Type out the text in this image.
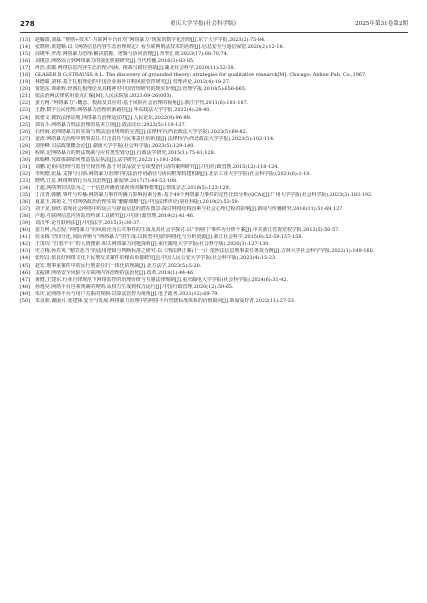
278	重庆大学学报(社会科学版)	2025年第31卷第2期
[13] 赵毓波,刘磊.“规则+技术”:互联网平台针对“网络暴力”现象的数字化治理[J].东宁大学学报,2023(2):75-84.
[14] 张晓婷,黄建顺.以《网络信息内容生态治理规定》看互联网刑法技术的治理[J].信息安全与通信保密,2020(2):12-18.
[15] 周瑾华,罗涛.网络暴力治理:解决措施、逻辑与协同治理[J].青季汇谈,2023(17):68-70,74.
[16] 刘瑾思.网络谣言到网络暴力的演化机制研究[J].当代传播,2016(3):83-85.
[17] 冉浩,张敏.网络信息内容生态治理:内涵、挑战与路径创新[J].湖北社会科学,2020(11):32-38.
[18] GLASER B G,STRAUSS A L. The discovery of grounded theory: strategies for qualitative research[M]. Chicago: Aldine Pub. Co.,1967.
[19] 林德甜,刘林.基于扎根理论的中国企业海外并购风险管控研究[J].管理评论,2012(4):18-27.
[20] 贾旭东,谭新辉.经典扎根理论及其精神对中国管理研究的现实价值[J].管理学报,2010(5):656-665.
[21] 依法治网法律常用要点汇编[M].人民法院版,2023:09-26(003).
[22] 姜方柯.“网络暴力”:概念、根源及其应对:基于风险社会治理的视角[J].浙江学刊,2011(6):181-187.
[23] 王静.数字公民伦理:网络暴力治理的新路径[J].华东政法大学学报,2022(4):28-40.
[24] 陈蕾文.微软法律证明,网络暴力治理适宜的[J].人民论坛,2022(9):96-99.
[25] 郭旨斗.网络暴力刑法治理的基本立场[J].政法论坛,2023(5):119-127.
[26] 石经海.论网络暴力的实质与刑法适用规则的完善[J].法律科学(西北政法大学学报),2023(5):69-82.
[27] 姜涛.网络暴力治理中刑事责任,打击责任与民事责任的衔接[J].法律科学(西北政法大学学报),2023(5):102-114.
[28] 刘艳峰.司法政策概念论[J].湖南大学学报(社会科学版),2023(5):129-140.
[29] 程铭.论网络暴力的刑法规制与应对类型划分[J].行政法学研究,2015(1):75-81,128.
[30] 陈翰峰.党政体制如何塑造基层执法[J].法学研究,2022(1):191-208.
[31] 刘鹏.论协同治理与监管空间管理:基于对食品安全专项整治行动的案例研究[J].中国行政管理,2015(12):118-124.
[32] 李明德,张磊.支撑与引领:网络暴力治理中的法治作用路径与协同框架构建机制[J].北京工业大学学报(社会科学版),2021(6):1-10.
[33] 晓鸣,江星.网络舆情行为及其治理[J].新闻界,2017(7):44-53,108.
[34] 王超.网络刑罚以惩为之一个信息传播效果视角的解释框架[J].情报杂志,2019(5):123-129.
[35] 丁汉青,韩鹏.事件与传播:网络暴力事件传播力影响因素分析:基于49个网络暴力事件的定性比较分析(QCA)[J].广州大学学报(社会科学版),2023(3):183-192.
[36] 夏嘉玉,郭苑文.当对网络政治治理实质“删除策略”[J].中国法律评论(第社科版),2019(2):53-59.
[37] 刘子龙,徐欣.表现社会网络中的谣言与辟谣信息的潜在图景:探讨网络结构因素与社会心理过程的影响[J].新闻与传播研究,2016(11):51-69,127.
[38] 卢超.互联网信息内容监管约谈工具研究[J].中国行政管理,2019(2):41-46.
[39] 刘汉华.论互联网法[J].中国法学,2015(3):30-37.
[40] 姜方柯,冯志倪.“网络暴力”的风险论为公共事件的生成及其社会学探讨:以“李刚门”事件为分析个案[J].中共浙江省委党校学报,2012(5):50-57.
[41] 侯永梅.空间分化,风险养殖与“网络暴力”的生成:以转型中国的网络化与分析资源[J].浙江社会科学,2015(8):52-59,157-158.
[42] 王茂均.“打怒不平”的人肉搜索:相关网络暴力问题探析[J].重庆邮电大学学报(社会科学版),2020(3):127-130.
[43] 史立梅,孙若英.“精罚恶当”的适用逻辑与判断标准之研究:以《刑法修正案(十一)》依照法信息刑事责任条款为例[J].吉林大学社会科学学报,2022(1):149-160.
[44] 张绍昌.依良好网络文化下民刑交叉案件的缘由衔接研究[J].中国人民公安大学学报(社会科学版),2023(4):15-23.
[45] 赵宏.刑事重案件中的民行刑责任归一体化的规制[J].北方法学,2023(5):5-20.
[46] 支振锋.网络安全风险与互联网内容治理的法治化[J].改革,2018(1):44-46.
[47] 黄健,王建东.行业自律规范下网络监控的治理价值与互惠法律规制[J].重庆邮电大学学报(社会科学版),2024(6):31-42.
[48] 孙逸昊.网络平台自我规制的规则:从权力生成到权力运行[J].中国行政管理,2020(12):59-65.
[49] 朱庆.论网络平台与用户关系的规制:以算法管控为视角[J].电子政务,2021(12):69-79.
[50] 朱良朋,谢丽月.张建锋.安全与发展:网络暴力治理中的网络平台管辖标准体系的价值取向[J].新闻爱好者,2022(11):27-33.
